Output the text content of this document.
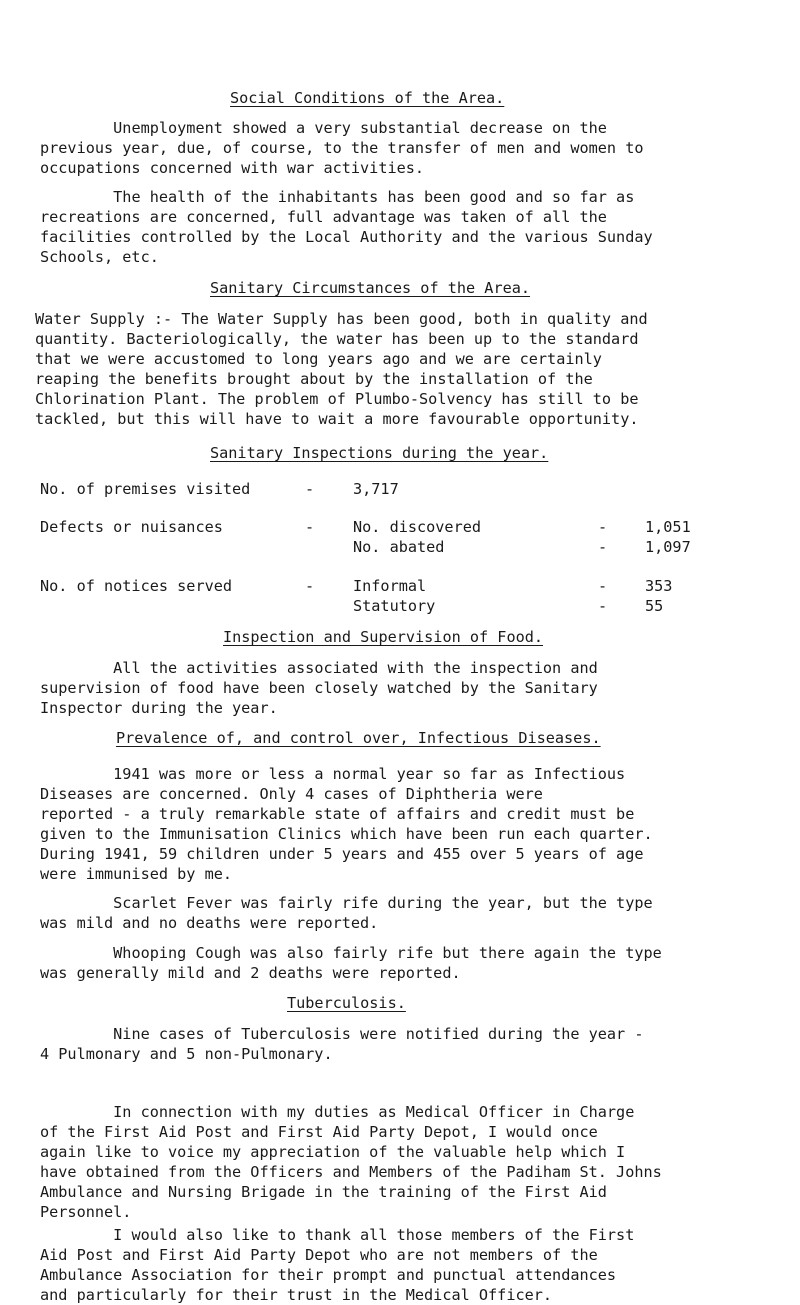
Social Conditions of the Area.

Unemployment showed a very substantial decrease on the
previous year, due, of course, to the transfer of men and women to
occupations concerned with war activities.

The health of the inhabitants has been good and so far as
recreations are concerned, full advantage was taken of all the
facilities controlled by the Local Authority and the various Sunday
Schools, etc.

Sanitary Circumstances of the Area.

Water Supply :- The Water Supply has been good, both in quality and
quantity. Bacteriologically, the water has been up to the standard
that we were accustomed to long years ago and we are certainly
reaping the benefits brought about by the installation of the
Chlorination Plant. The problem of Plumbo-Solvency has still to be
tackled, but this will have to wait a more favourable opportunity.

Sanitary Inspections during the year.
No. of premises visited	-	3,717
Defects or nuisances	-	No. discovered	- 1,051
No. abated	- 1,097
No. of notices served	-	Informal	- 353
Statutory	- 55
Inspection and Supervision of Food.

All the activities associated with the inspection and
supervision of food have been closely watched by the Sanitary
Inspector during the year.

Prevalence of, and control over, Infectious Diseases.

1941 was more or less a normal year so far as Infectious
Diseases are concerned. Only 4 cases of Diphtheria were
reported - a truly remarkable state of affairs and credit must be
given to the Immunisation Clinics which have been run each quarter.
During 1941, 59 children under 5 years and 455 over 5 years of age
were immunised by me.

Scarlet Fever was fairly rife during the year, but the type
was mild and no deaths were reported.

Whooping Cough was also fairly rife but there again the type
was generally mild and 2 deaths were reported.

Tuberculosis.

Nine cases of Tuberculosis were notified during the year -
4 Pulmonary and 5 non-Pulmonary.

In connection with my duties as Medical Officer in Charge
of the First Aid Post and First Aid Party Depot, I would once
again like to voice my appreciation of the valuable help which I
have obtained from the Officers and Members of the Padiham St. Johns
Ambulance and Nursing Brigade in the training of the First Aid
Personnel.

I would also like to thank all those members of the First
Aid Post and First Aid Party Depot who are not members of the
Ambulance Association for their prompt and punctual attendances
and particularly for their trust in the Medical Officer.
